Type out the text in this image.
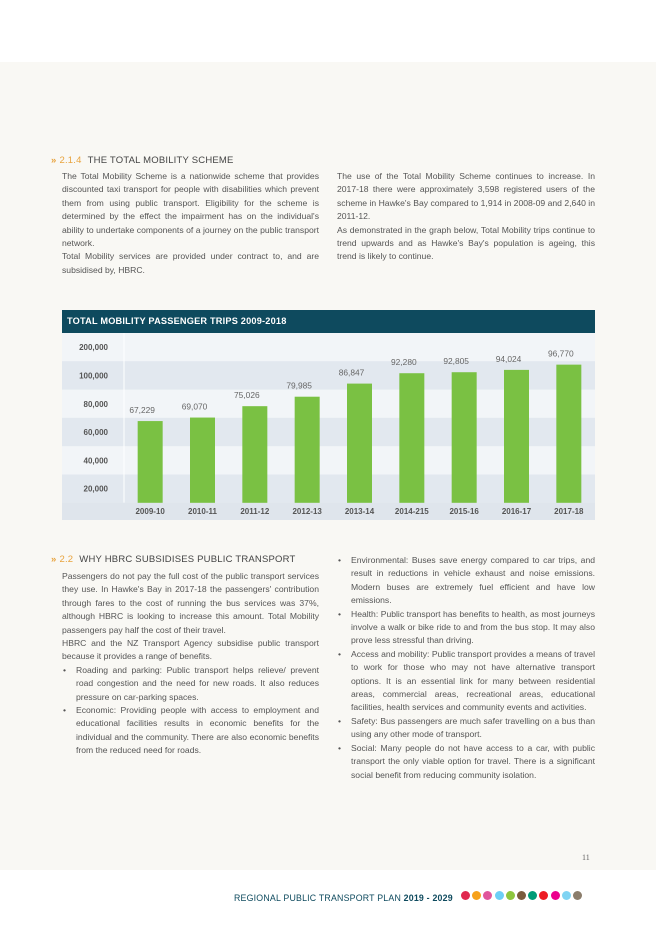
» 2.1.4 THE TOTAL MOBILITY SCHEME

The Total Mobility Scheme is a nationwide scheme that provides discounted taxi transport for people with disabilities which prevent them from using public transport. Eligibility for the scheme is determined by the effect the impairment has on the individual's ability to undertake components of a journey on the public transport network.

Total Mobility services are provided under contract to, and are subsidised by, HBRC.

The use of the Total Mobility Scheme continues to increase. In 2017-18 there were approximately 3,598 registered users of the scheme in Hawke's Bay compared to 1,914 in 2008-09 and 2,640 in 2011-12.

As demonstrated in the graph below, Total Mobility trips continue to trend upwards and as Hawke's Bay's population is ageing, this trend is likely to continue.

TOTAL MOBILITY PASSENGER TRIPS 2009-2018
200,000
100,000
80,000
60,000
40,000
20,000
67,229
2009-10
69,070
2010-11
75,026
2011-12
79,985
2012-13
86,847
2013-14
92,280
2014-215
92,805
2015-16
94,024
2016-17
96,770
2017-18
» 2.2 WHY HBRC SUBSIDISES PUBLIC TRANSPORT

Passengers do not pay the full cost of the public transport services they use. In Hawke's Bay in 2017-18 the passengers' contribution through fares to the cost of running the bus services was 37%, although HBRC is looking to increase this amount. Total Mobility passengers pay half the cost of their travel.

HBRC and the NZ Transport Agency subsidise public transport because it provides a range of benefits.

• Roading and parking: Public transport helps relieve/ prevent road congestion and the need for new roads. It also reduces pressure on car-parking spaces.
• Economic: Providing people with access to employment and educational facilities results in economic benefits for the individual and the community. There are also economic benefits from the reduced need for roads.
• Environmental: Buses save energy compared to car trips, and result in reductions in vehicle exhaust and noise emissions. Modern buses are extremely fuel efficient and have low emissions.
• Health: Public transport has benefits to health, as most journeys involve a walk or bike ride to and from the bus stop. It may also prove less stressful than driving.
• Access and mobility: Public transport provides a means of travel to work for those who may not have alternative transport options. It is an essential link for many between residential areas, commercial areas, recreational areas, educational facilities, health services and community events and activities.
• Safety: Bus passengers are much safer travelling on a bus than using any other mode of transport.
• Social: Many people do not have access to a car, with public transport the only viable option for travel. There is a significant social benefit from reducing community isolation.
11
REGIONAL PUBLIC TRANSPORT PLAN 2019 - 2029
